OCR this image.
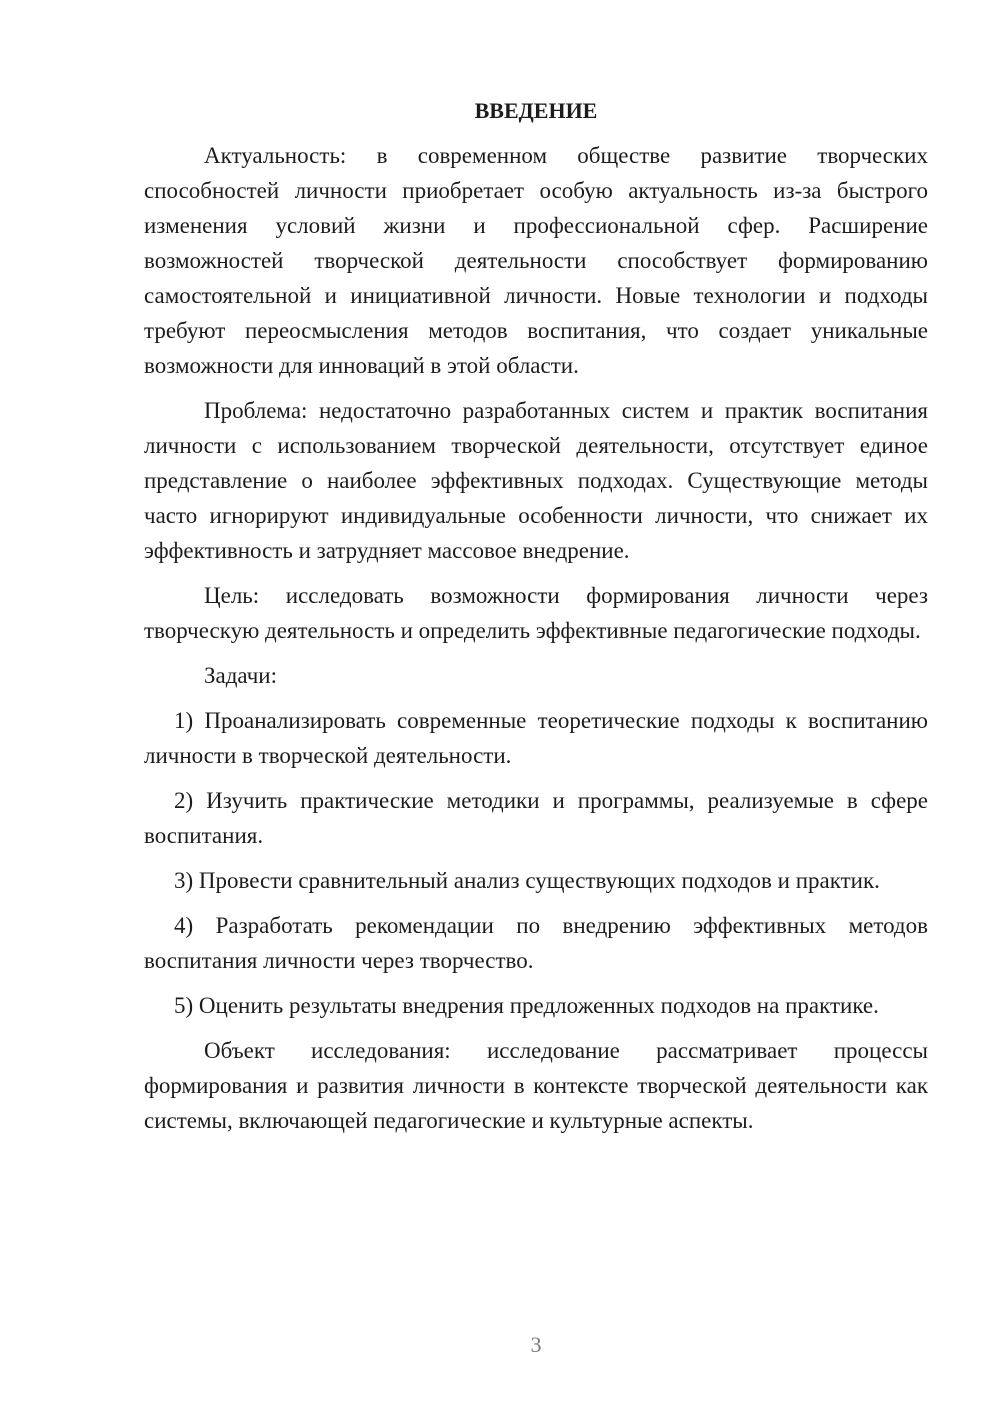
ВВЕДЕНИЕ

Актуальность: в современном обществе развитие творческих способностей личности приобретает особую актуальность из-за быстрого изменения условий жизни и профессиональной сфер. Расширение возможностей творческой деятельности способствует формированию самостоятельной и инициативной личности. Новые технологии и подходы требуют переосмысления методов воспитания, что создает уникальные возможности для инноваций в этой области.

Проблема: недостаточно разработанных систем и практик воспитания личности с использованием творческой деятельности, отсутствует единое представление о наиболее эффективных подходах. Существующие методы часто игнорируют индивидуальные особенности личности, что снижает их эффективность и затрудняет массовое внедрение.

Цель: исследовать возможности формирования личности через творческую деятельность и определить эффективные педагогические подходы.

Задачи:

1) Проанализировать современные теоретические подходы к воспитанию личности в творческой деятельности.

2) Изучить практические методики и программы, реализуемые в сфере воспитания.

3) Провести сравнительный анализ существующих подходов и практик.

4) Разработать рекомендации по внедрению эффективных методов воспитания личности через творчество.

5) Оценить результаты внедрения предложенных подходов на практике.

Объект исследования: исследование рассматривает процессы формирования и развития личности в контексте творческой деятельности как системы, включающей педагогические и культурные аспекты.

3
